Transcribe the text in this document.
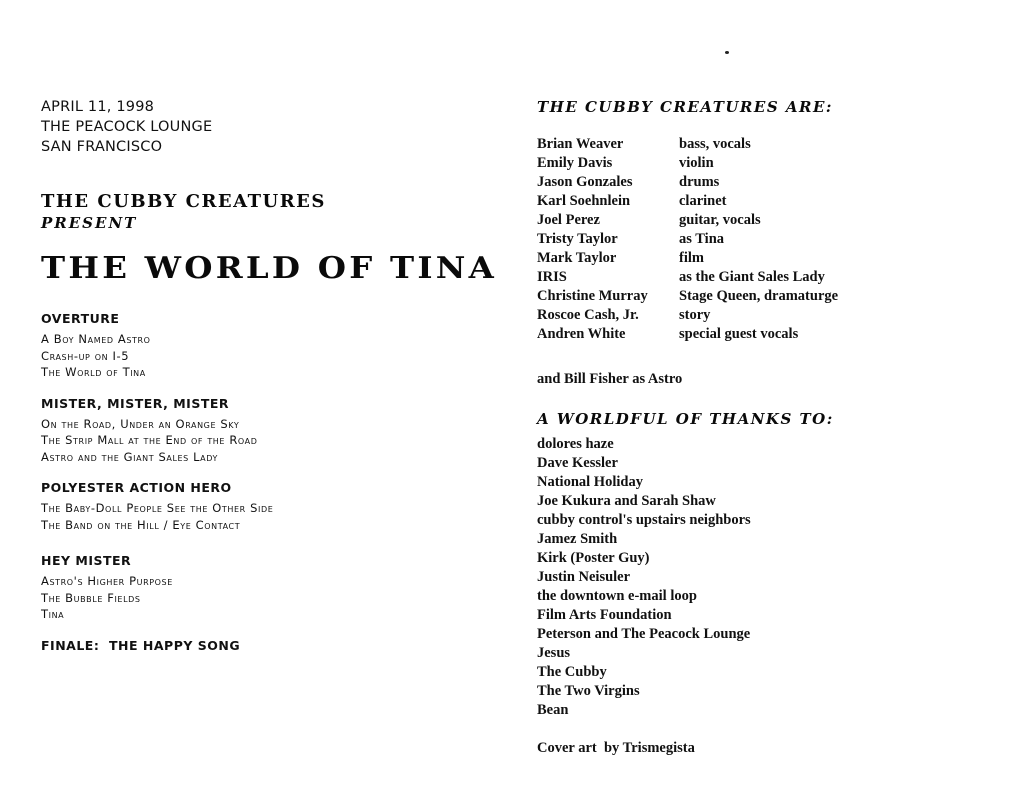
APRIL 11, 1998
THE PEACOCK LOUNGE
SAN FRANCISCO
THE CUBBY CREATURES
PRESENT
THE WORLD OF TINA
OVERTURE
A Boy Named Astro
Crash-up on I-5
The World of Tina
MISTER, MISTER, MISTER
On the Road, Under an Orange Sky
The Strip Mall at the End of the Road
Astro and the Giant Sales Lady
POLYESTER ACTION HERO
The Baby-Doll People See the Other Side
The Band on the Hill / Eye Contact
HEY MISTER
Astro's Higher Purpose
The Bubble Fields
Tina
FINALE:  THE HAPPY SONG
THE CUBBY CREATURES ARE:
Brian Weaver	bass, vocals
Emily Davis	violin
Jason Gonzales	drums
Karl Soehnlein	clarinet
Joel Perez	guitar, vocals
Tristy Taylor	as Tina
Mark Taylor	film
IRIS	as the Giant Sales Lady
Christine Murray	Stage Queen, dramaturge
Roscoe Cash, Jr.	story
Andren White	special guest vocals
and Bill Fisher as Astro
A WORLDFUL OF THANKS TO:
dolores haze
Dave Kessler
National Holiday
Joe Kukura and Sarah Shaw
cubby control's upstairs neighbors
Jamez Smith
Kirk (Poster Guy)
Justin Neisuler
the downtown e-mail loop
Film Arts Foundation
Peterson and The Peacock Lounge
Jesus
The Cubby
The Two Virgins
Bean
Cover art  by Trismegista
